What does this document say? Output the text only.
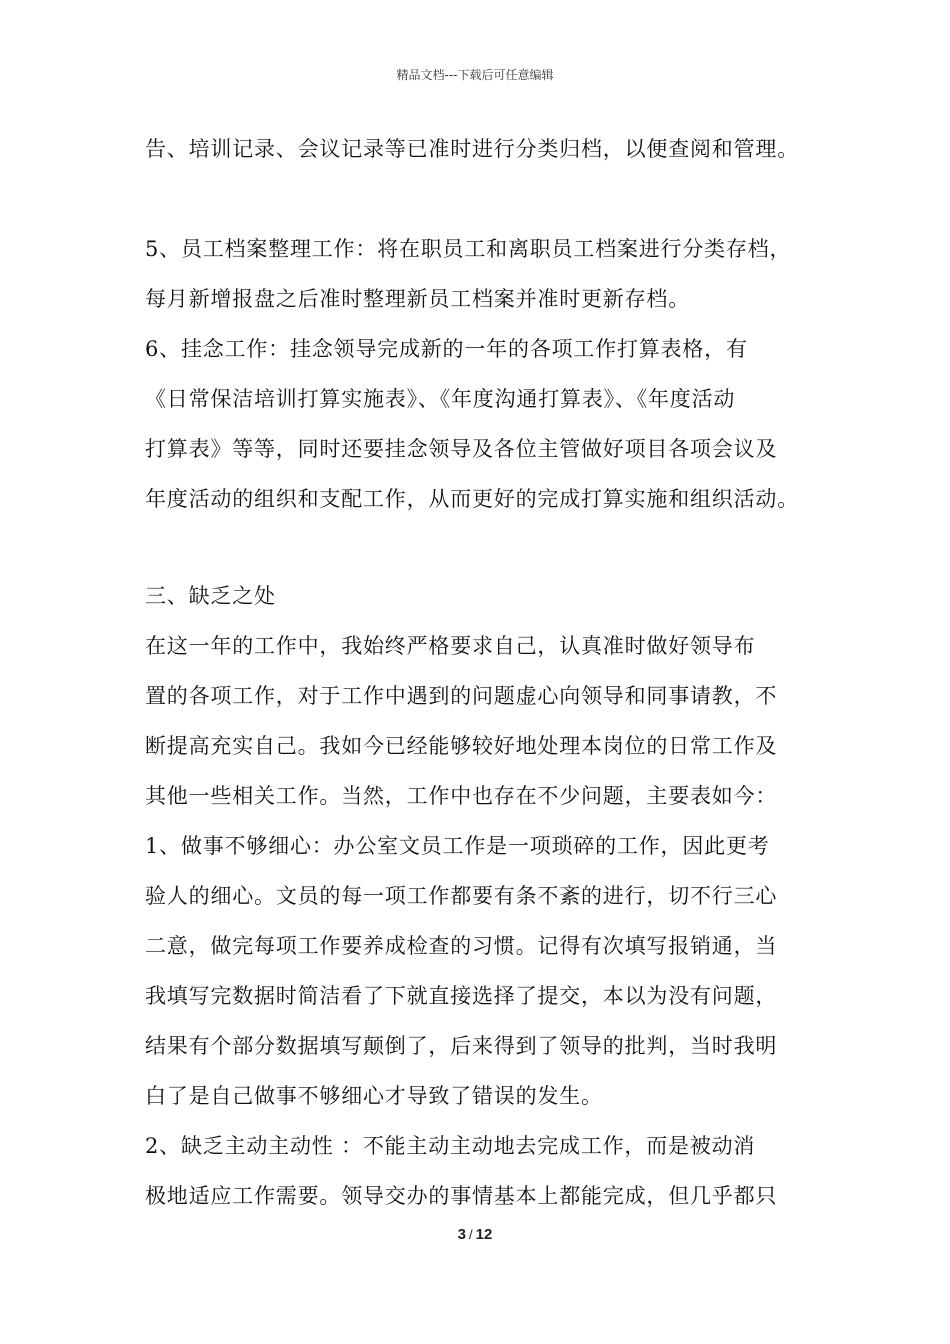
精品文档---下载后可任意编辑
告、培训记录、会议记录等已准时进行分类归档，以便查阅和管理。
5、员工档案整理工作：将在职员工和离职员工档案进行分类存档，
每月新增报盘之后准时整理新员工档案并准时更新存档。
6、挂念工作：挂念领导完成新的一年的各项工作打算表格，有
《日常保洁培训打算实施表》、《年度沟通打算表》、《年度活动
打算表》等等，同时还要挂念领导及各位主管做好项目各项会议及
年度活动的组织和支配工作，从而更好的完成打算实施和组织活动。
三、缺乏之处
在这一年的工作中，我始终严格要求自己，认真准时做好领导布
置的各项工作，对于工作中遇到的问题虚心向领导和同事请教，不
断提高充实自己。我如今已经能够较好地处理本岗位的日常工作及
其他一些相关工作。当然，工作中也存在不少问题，主要表如今：
1、做事不够细心：办公室文员工作是一项琐碎的工作，因此更考
验人的细心。文员的每一项工作都要有条不紊的进行，切不行三心
二意，做完每项工作要养成检查的习惯。记得有次填写报销通，当
我填写完数据时简洁看了下就直接选择了提交，本以为没有问题，
结果有个部分数据填写颠倒了，后来得到了领导的批判，当时我明
白了是自己做事不够细心才导致了错误的发生。
2、缺乏主动主动性 ：不能主动主动地去完成工作，而是被动消
极地适应工作需要。领导交办的事情基本上都能完成，但几乎都只
3 / 12
